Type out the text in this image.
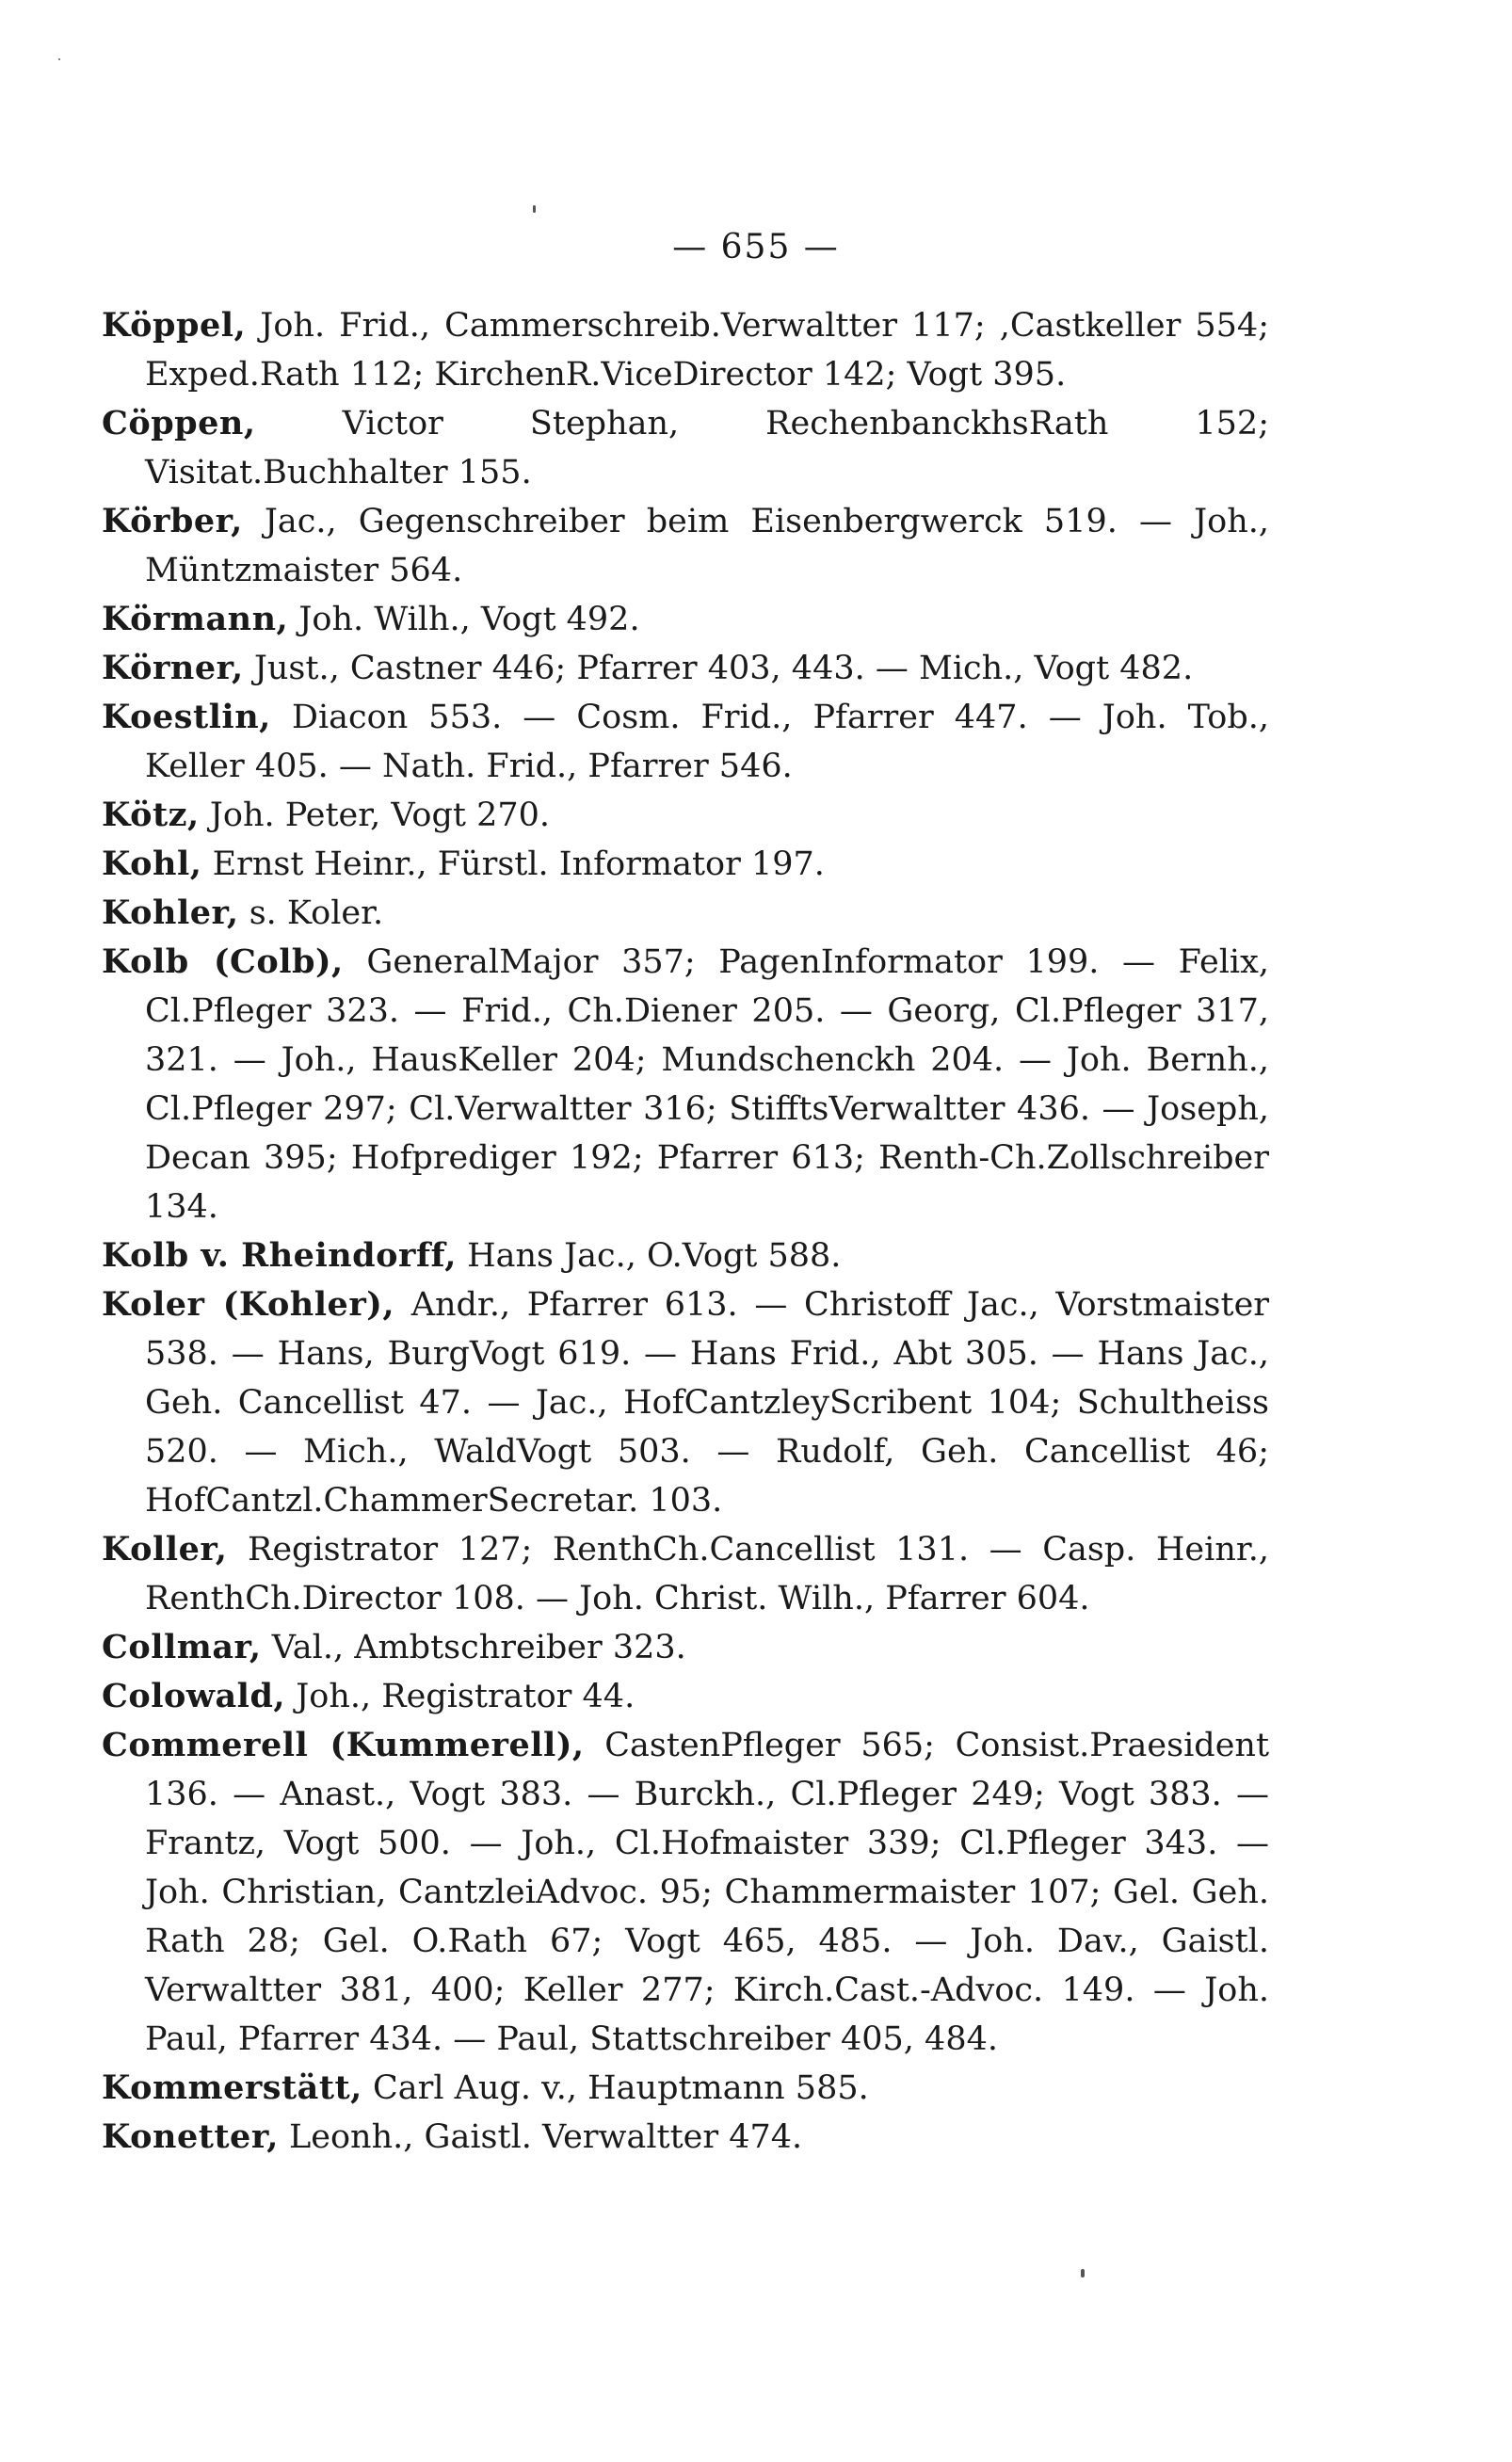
— 655 —
Köppel, Joh. Frid., Cammerschreib.Verwaltter 117; ,Castkeller 554; Exped.Rath 112; KirchenR.ViceDirector 142; Vogt 395.
Cöppen, Victor Stephan, RechenbanckhsRath 152; Visitat.Buchhalter 155.
Körber, Jac., Gegenschreiber beim Eisenbergwerck 519. — Joh., Müntzmaister 564.
Körmann, Joh. Wilh., Vogt 492.
Körner, Just., Castner 446; Pfarrer 403, 443. — Mich., Vogt 482.
Koestlin, Diacon 553. — Cosm. Frid., Pfarrer 447. — Joh. Tob., Keller 405. — Nath. Frid., Pfarrer 546.
Kötz, Joh. Peter, Vogt 270.
Kohl, Ernst Heinr., Fürstl. Informator 197.
Kohler, s. Koler.
Kolb (Colb), GeneralMajor 357; PagenInformator 199. — Felix, Cl.Pfleger 323. — Frid., Ch.Diener 205. — Georg, Cl.Pfleger 317, 321. — Joh., HausKeller 204; Mundschenckh 204. — Joh. Bernh., Cl.Pfleger 297; Cl.Verwaltter 316; StifftsVerwaltter 436. — Joseph, Decan 395; Hofprediger 192; Pfarrer 613; Renth-Ch.Zollschreiber 134.
Kolb v. Rheindorff, Hans Jac., O.Vogt 588.
Koler (Kohler), Andr., Pfarrer 613. — Christoff Jac., Vorstmaister 538. — Hans, BurgVogt 619. — Hans Frid., Abt 305. — Hans Jac., Geh. Cancellist 47. — Jac., HofCantzleyScribent 104; Schultheiss 520. — Mich., WaldVogt 503. — Rudolf, Geh. Cancellist 46; HofCantzl.ChammerSecretar. 103.
Koller, Registrator 127; RenthCh.Cancellist 131. — Casp. Heinr., RenthCh.Director 108. — Joh. Christ. Wilh., Pfarrer 604.
Collmar, Val., Ambtschreiber 323.
Colowald, Joh., Registrator 44.
Commerell (Kummerell), CastenPfleger 565; Consist.Praesident 136. — Anast., Vogt 383. — Burckh., Cl.Pfleger 249; Vogt 383. — Frantz, Vogt 500. — Joh., Cl.Hofmaister 339; Cl.Pfleger 343. — Joh. Christian, CantzleiAdvoc. 95; Chammermaister 107; Gel. Geh. Rath 28; Gel. O.Rath 67; Vogt 465, 485. — Joh. Dav., Gaistl. Verwaltter 381, 400; Keller 277; Kirch.Cast.-Advoc. 149. — Joh. Paul, Pfarrer 434. — Paul, Stattschreiber 405, 484.
Kommerstätt, Carl Aug. v., Hauptmann 585.
Konetter, Leonh., Gaistl. Verwaltter 474.
